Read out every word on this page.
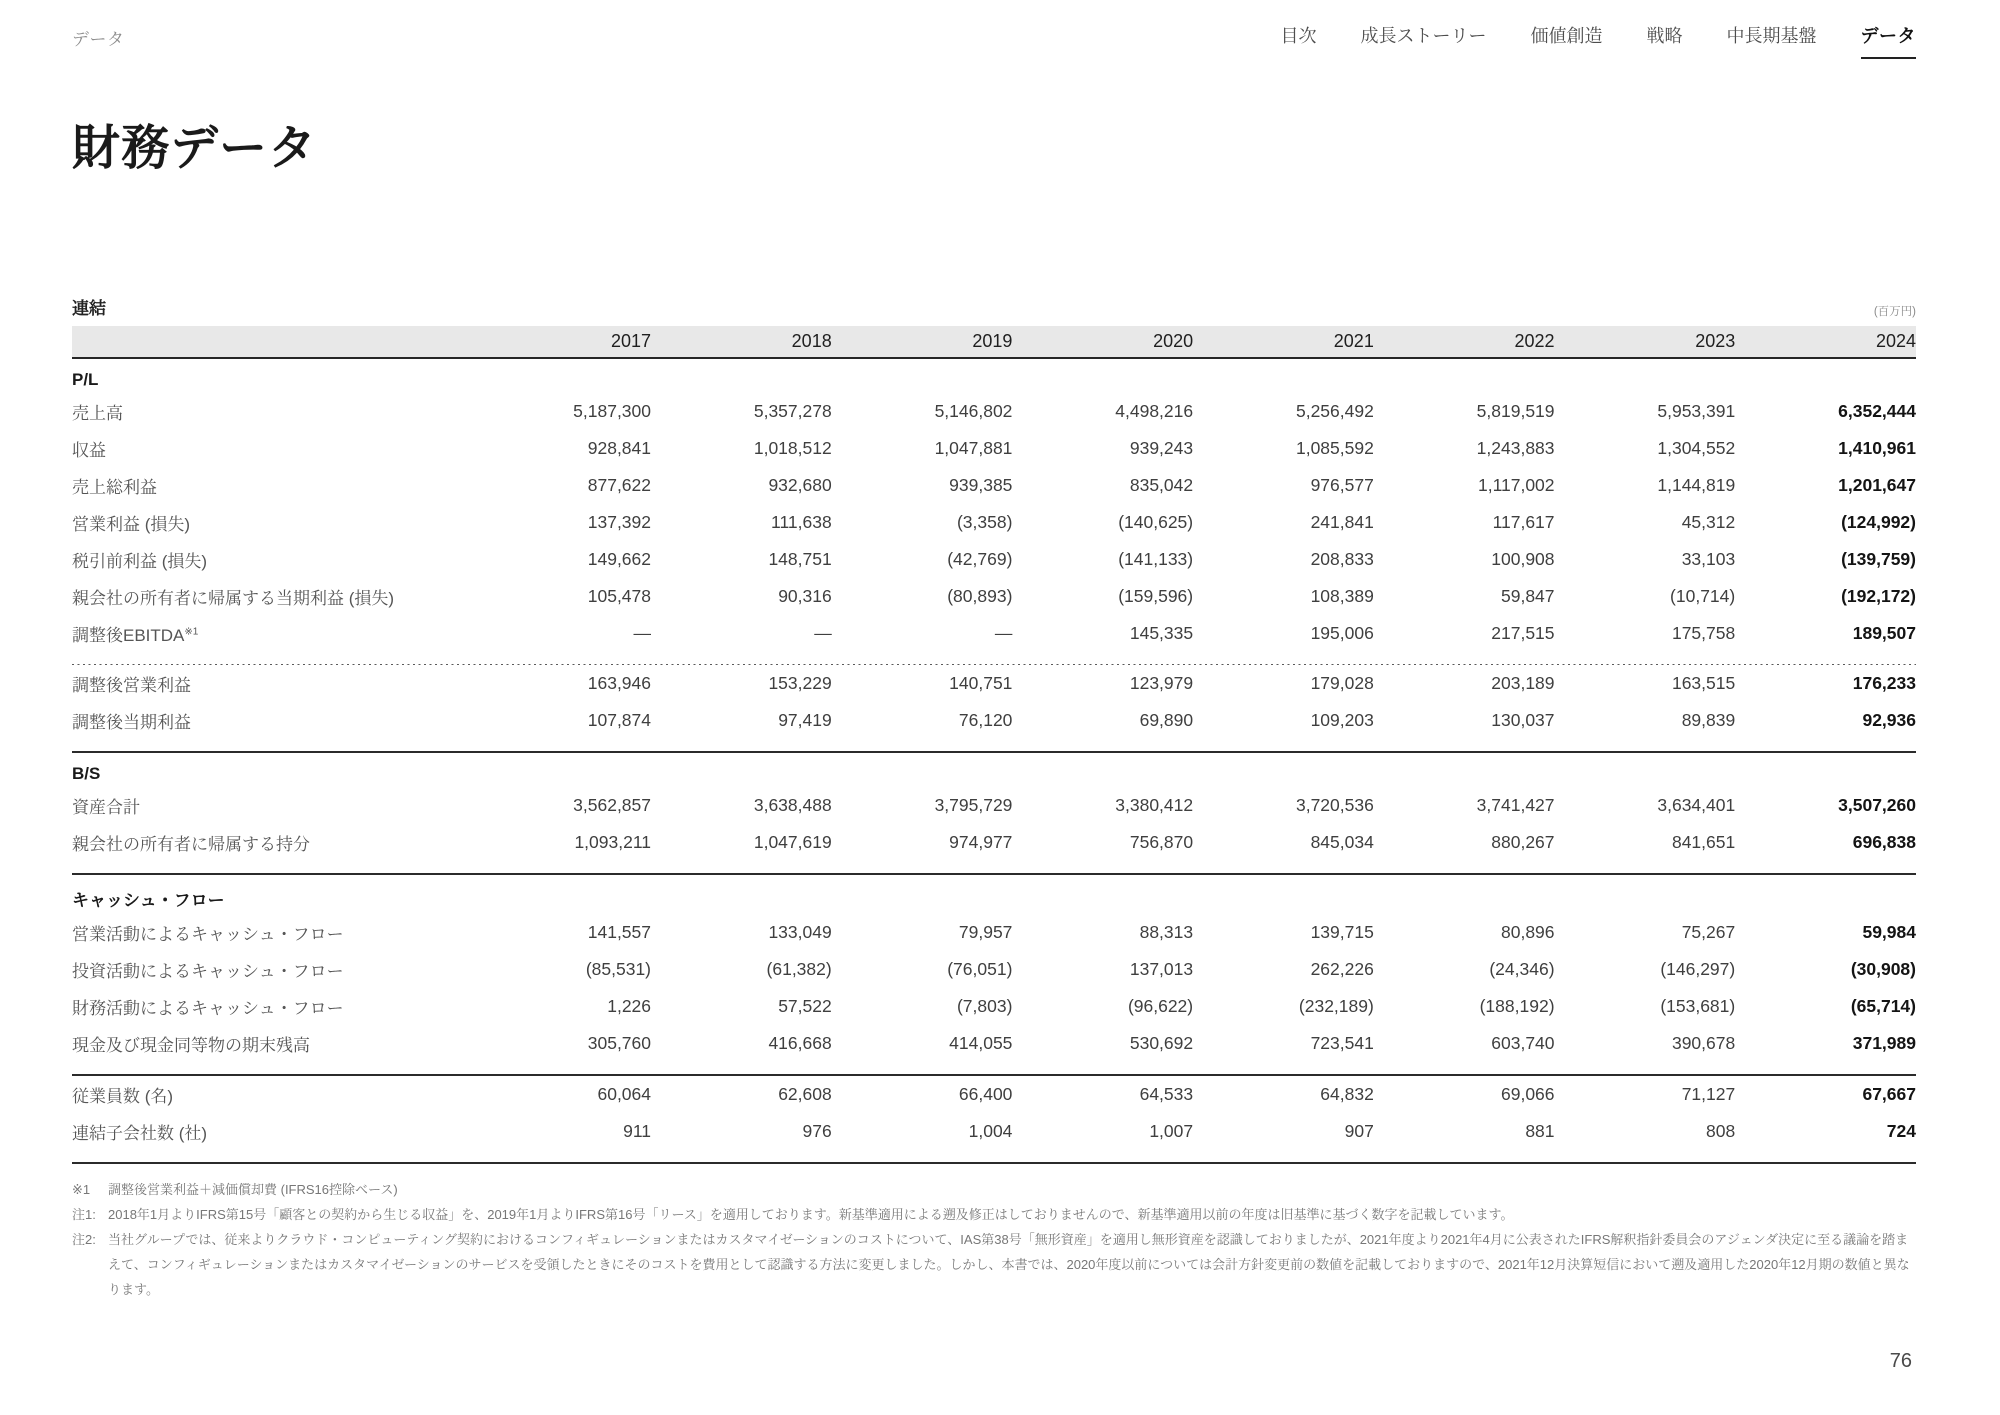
データ	目次 成長ストーリー 価値創造 戦略 中長期基盤 データ
財務データ
連結	(百万円)
	2017	2018	2019	2020	2021	2022	2023	2024
P/L								
売上高	5,187,300	5,357,278	5,146,802	4,498,216	5,256,492	5,819,519	5,953,391	6,352,444
収益	928,841	1,018,512	1,047,881	939,243	1,085,592	1,243,883	1,304,552	1,410,961
売上総利益	877,622	932,680	939,385	835,042	976,577	1,117,002	1,144,819	1,201,647
営業利益 (損失)	137,392	111,638	(3,358)	(140,625)	241,841	117,617	45,312	(124,992)
税引前利益 (損失)	149,662	148,751	(42,769)	(141,133)	208,833	100,908	33,103	(139,759)
親会社の所有者に帰属する当期利益 (損失)	105,478	90,316	(80,893)	(159,596)	108,389	59,847	(10,714)	(192,172)
調整後EBITDA$^{※1}$	—	—	—	145,335	195,006	217,515	175,758	189,507

調整後営業利益	163,946	153,229	140,751	123,979	179,028	203,189	163,515	176,233
調整後当期利益	107,874	97,419	76,120	69,890	109,203	130,037	89,839	92,936

B/S								
資産合計	3,562,857	3,638,488	3,795,729	3,380,412	3,720,536	3,741,427	3,634,401	3,507,260
親会社の所有者に帰属する持分	1,093,211	1,047,619	974,977	756,870	845,034	880,267	841,651	696,838

キャッシュ・フロー								
営業活動によるキャッシュ・フロー	141,557	133,049	79,957	88,313	139,715	80,896	75,267	59,984
投資活動によるキャッシュ・フロー	(85,531)	(61,382)	(76,051)	137,013	262,226	(24,346)	(146,297)	(30,908)
財務活動によるキャッシュ・フロー	1,226	57,522	(7,803)	(96,622)	(232,189)	(188,192)	(153,681)	(65,714)
現金及び現金同等物の期末残高	305,760	416,668	414,055	530,692	723,541	603,740	390,678	371,989

従業員数 (名)	60,064	62,608	66,400	64,533	64,832	69,066	71,127	67,667
連結子会社数 (社)	911	976	1,004	1,007	907	881	808	724

※1	調整後営業利益＋減価償却費 (IFRS16控除ベース)
注1: 2018年1月よりIFRS第15号「顧客との契約から生じる収益」を、2019年1月よりIFRS第16号「リース」を適用しております。新基準適用による遡及修正はしておりませんので、新基準適用以前の年度は旧基準に基づく数字を記載しています。
注2: 当社グループでは、従来よりクラウド・コンピューティング契約におけるコンフィギュレーションまたはカスタマイゼーションのコストについて、IAS第38号「無形資産」を適用し無形資産を認識しておりましたが、2021年度より2021年4月に公表されたIFRS解釈指針委員会のアジェンダ決定に至る議論を踏まえて、コンフィギュレーションまたはカスタマイゼーションのサービスを受領したときにそのコストを費用として認識する方法に変更しました。しかし、本書では、2020年度以前については会計方針変更前の数値を記載しておりますので、2021年12月決算短信において遡及適用した2020年12月期の数値と異なります。
76
